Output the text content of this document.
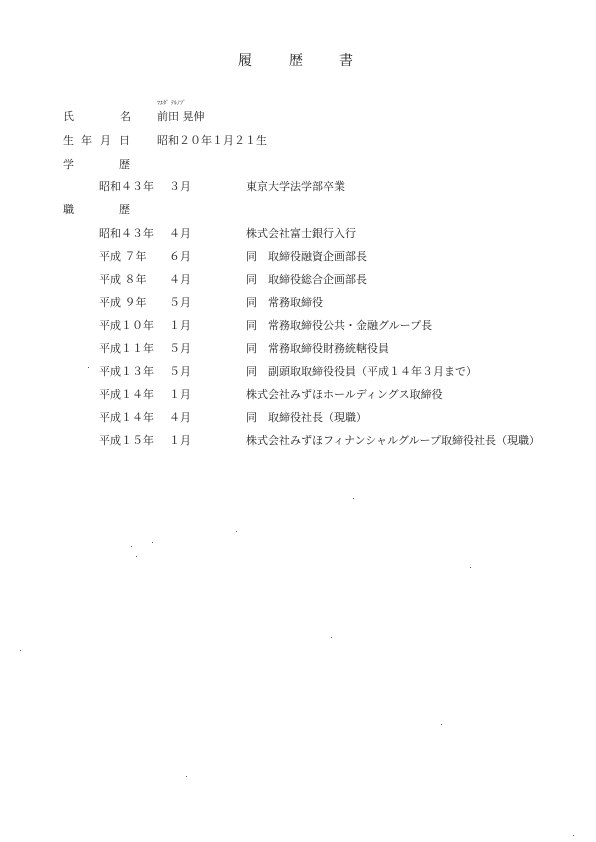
履	歴	書
氏	名
ﾏｴﾀﾞ ﾃﾙﾉﾌﾞ
前田 晃伸
生 年 月 日 昭和２０年１月２１生
学	歴
昭和４３年 ３月	東京大学法学部卒業
職	歴
昭和４３年 ４月	株式会社富士銀行入行
平成 ７年 ６月	同　取締役融資企画部長
平成 ８年 ４月	同　取締役総合企画部長
平成 ９年 ５月	同　常務取締役
平成１０年 １月	同　常務取締役公共・金融グループ長
平成１１年 ５月	同　常務取締役財務統轄役員
平成１３年 ５月	同　副頭取取締役役員（平成１４年３月まで）
平成１４年 １月	株式会社みずほホールディングス取締役
平成１４年 ４月	同　取締役社長（現職）
平成１５年 １月	株式会社みずほフィナンシャルグループ取締役社長（現職）
